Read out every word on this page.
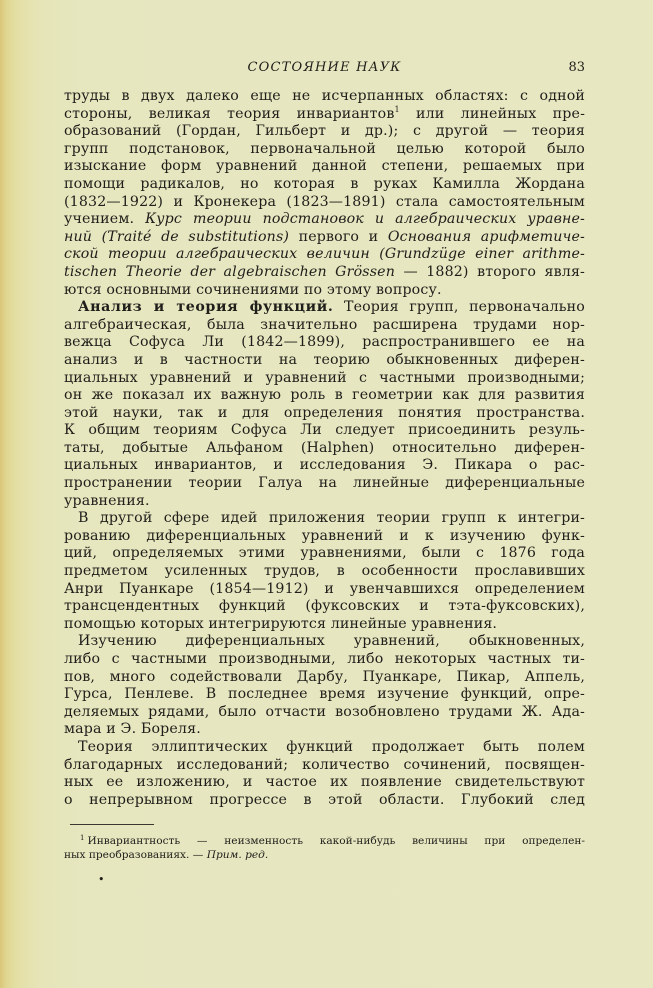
СОСТОЯНИЕ НАУК	83
труды в двух далеко еще не исчерпанных областях: с одной
стороны, великая теория инвариантов$^1$ или линейных пре-
образований (Гордан, Гильберт и др.); с другой — теория
групп подстановок, первоначальной целью которой было
изыскание форм уравнений данной степени, решаемых при
помощи радикалов, но которая в руках Камилла Жордана
(1832—1922) и Кронекера (1823—1891) стала самостоятельным
учением. Курс теории подстановок и алгебраических уравне-
ний (Traité de substitutions) первого и Основания арифметиче-
ской теории алгебраических величин (Grundzüge einer arithme-
tischen Theorie der algebraischen Grössen — 1882) второго явля-
ются основными сочинениями по этому вопросу.
Анализ и теория функций. Теория групп, первоначально
алгебраическая, была значительно расширена трудами нор-
вежца Софуса Ли (1842—1899), распространившего ее на
анализ и в частности на теорию обыкновенных диферен-
циальных уравнений и уравнений с частными производными;
он же показал их важную роль в геометрии как для развития
этой науки, так и для определения понятия пространства.
К общим теориям Софуса Ли следует присоединить резуль-
таты, добытые Альфаном (Halphen) относительно диферен-
циальных инвариантов, и исследования Э. Пикара о рас-
пространении теории Галуа на линейные диференциальные
уравнения.
В другой сфере идей приложения теории групп к интегри-
рованию диференциальных уравнений и к изучению функ-
ций, определяемых этими уравнениями, были с 1876 года
предметом усиленных трудов, в особенности прославивших
Анри Пуанкаре (1854—1912) и увенчавшихся определением
трансцендентных функций (фуксовских и тэта-фуксовских),
помощью которых интегрируются линейные уравнения.
Изучению диференциальных уравнений, обыкновенных,
либо с частными производными, либо некоторых частных ти-
пов, много содействовали Дарбу, Пуанкаре, Пикар, Аппель,
Гурса, Пенлеве. В последнее время изучение функций, опре-
деляемых рядами, было отчасти возобновлено трудами Ж. Ада-
мара и Э. Бореля.
Теория эллиптических функций продолжает быть полем
благодарных исследований; количество сочинений, посвящен-
ных ее изложению, и частое их появление свидетельствуют
о непрерывном прогрессе в этой области. Глубокий след
$^1$ Инвариантность — неизменность какой-нибудь величины при определен-
ных преобразованиях. — Прим. ред.
•
